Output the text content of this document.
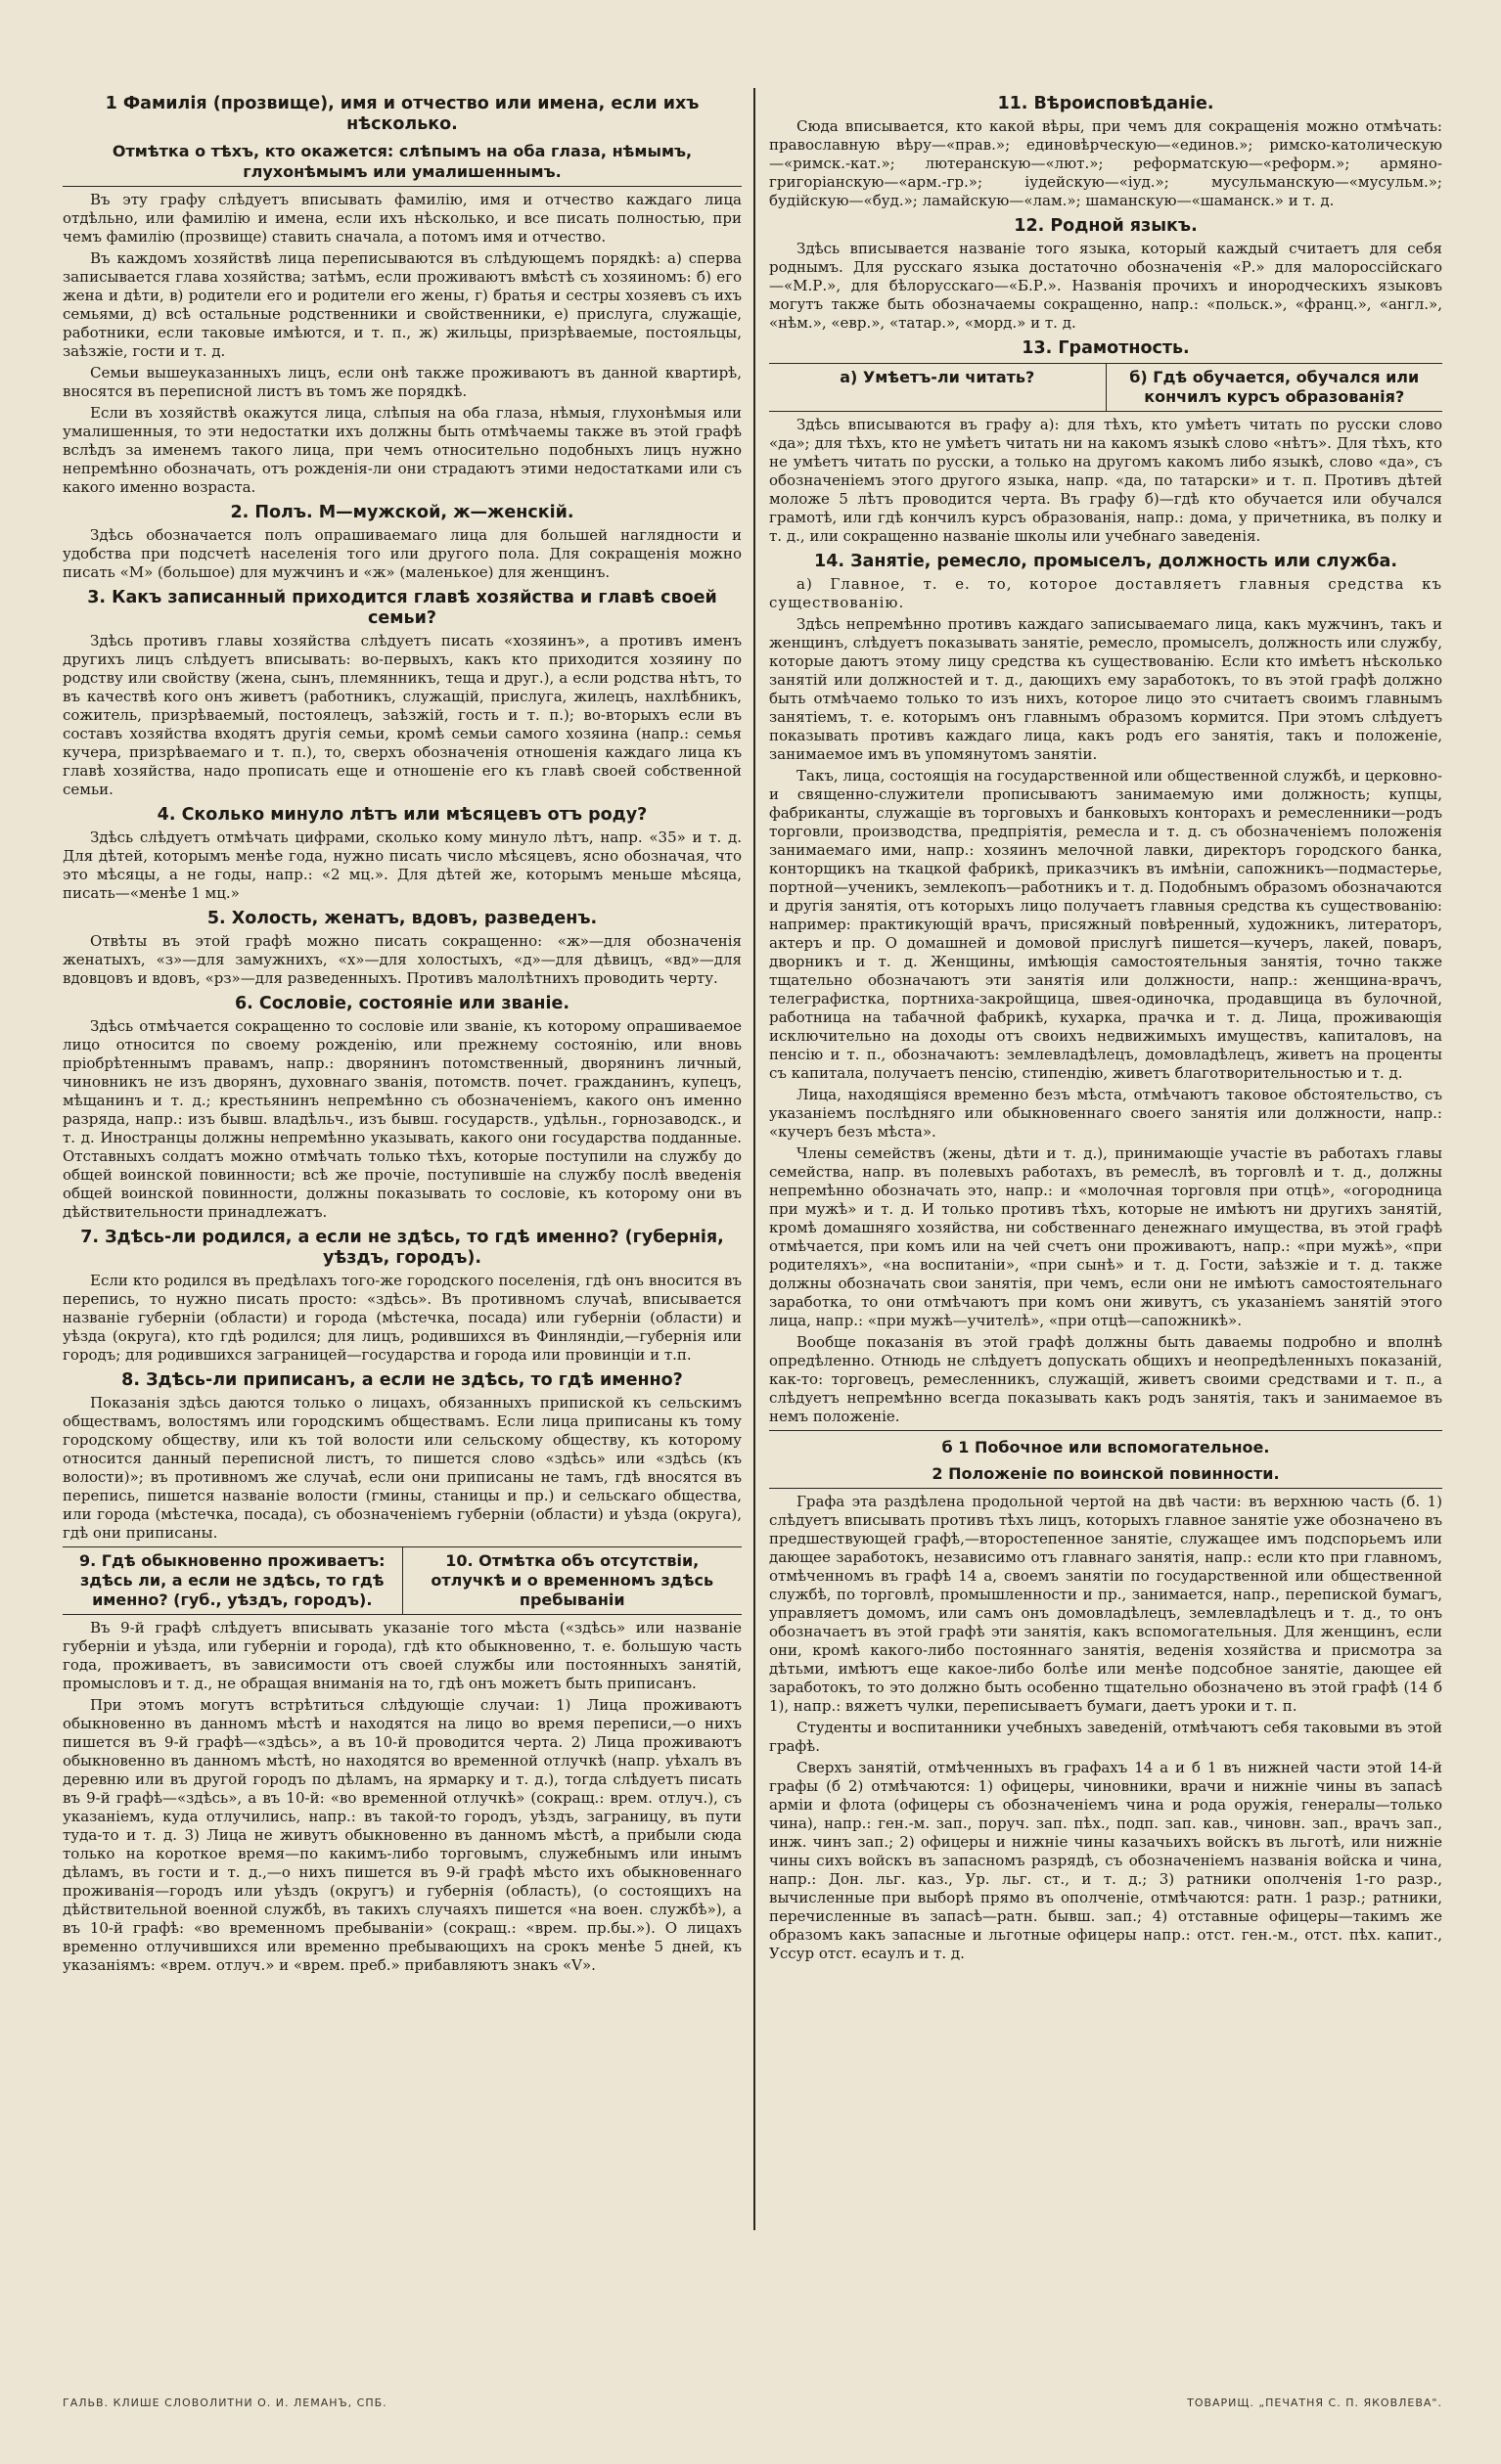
1 Фамилія (прозвище), имя и отчество или имена, если ихъ нѣсколько.
Отмѣтка о тѣхъ, кто окажется: слѣпымъ на оба глаза, нѣмымъ, глухонѣмымъ или умалишеннымъ.

Въ эту графу слѣдуетъ вписывать фамилію, имя и отчество каждаго лица отдѣльно, или фамилію и имена, если ихъ нѣсколько, и все писать полностью, при чемъ фамилію (прозвище) ставить сначала, а потомъ имя и отчество.

Въ каждомъ хозяйствѣ лица переписываются въ слѣдующемъ порядкѣ: а) сперва записывается глава хозяйства; затѣмъ, если проживаютъ вмѣстѣ съ хозяиномъ: б) его жена и дѣти, в) родители его и родители его жены, г) братья и сестры хозяевъ съ ихъ семьями, д) всѣ остальные родственники и свойственники, е) прислуга, служащіе, работники, если таковые имѣются, и т. п., ж) жильцы, призрѣваемые, постояльцы, заѣзжіе, гости и т. д.

Семьи вышеуказанныхъ лицъ, если онѣ также проживаютъ въ данной квартирѣ, вносятся въ переписной листъ въ томъ же порядкѣ.

Если въ хозяйствѣ окажутся лица, слѣпыя на оба глаза, нѣмыя, глухонѣмыя или умалишенныя, то эти недостатки ихъ должны быть отмѣчаемы также въ этой графѣ вслѣдъ за именемъ такого лица, при чемъ относительно подобныхъ лицъ нужно непремѣнно обозначать, отъ рожденія-ли они страдаютъ этими недостатками или съ какого именно возраста.

2. Полъ. М—мужской, ж—женскій.

Здѣсь обозначается полъ опрашиваемаго лица для большей наглядности и удобства при подсчетѣ населенія того или другого пола. Для сокращенія можно писать «М» (большое) для мужчинъ и «ж» (маленькое) для женщинъ.

3. Какъ записанный приходится главѣ хозяйства и главѣ своей семьи?

Здѣсь противъ главы хозяйства слѣдуетъ писать «хозяинъ», а противъ именъ другихъ лицъ слѣдуетъ вписывать: во-первыхъ, какъ кто приходится хозяину по родству или свойству (жена, сынъ, племянникъ, теща и друг.), а если родства нѣтъ, то въ качествѣ кого онъ живетъ (работникъ, служащій, прислуга, жилецъ, нахлѣбникъ, сожитель, призрѣваемый, постоялецъ, заѣзжій, гость и т. п.); во-вторыхъ если въ составъ хозяйства входятъ другія семьи, кромѣ семьи самого хозяина (напр.: семья кучера, призрѣваемаго и т. п.), то, сверхъ обозначенія отношенія каждаго лица къ главѣ хозяйства, надо прописать еще и отношеніе его къ главѣ своей собственной семьи.

4. Сколько минуло лѣтъ или мѣсяцевъ отъ роду?

Здѣсь слѣдуетъ отмѣчать цифрами, сколько кому минуло лѣтъ, напр. «35» и т. д. Для дѣтей, которымъ менѣе года, нужно писать число мѣсяцевъ, ясно обозначая, что это мѣсяцы, а не годы, напр.: «2 мц.». Для дѣтей же, которымъ меньше мѣсяца, писать—«менѣе 1 мц.»

5. Холость, женатъ, вдовъ, разведенъ.

Отвѣты въ этой графѣ можно писать сокращенно: «ж»—для обозначенія женатыхъ, «з»—для замужнихъ, «х»—для холостыхъ, «д»—для дѣвицъ, «вд»—для вдовцовъ и вдовъ, «рз»—для разведенныхъ. Противъ малолѣтнихъ проводить черту.

6. Сословіе, состояніе или званіе.

Здѣсь отмѣчается сокращенно то сословіе или званіе, къ которому опрашиваемое лицо относится по своему рожденію, или прежнему состоянію, или вновь пріобрѣтеннымъ правамъ, напр.: дворянинъ потомственный, дворянинъ личный, чиновникъ не изъ дворянъ, духовнаго званія, потомств. почет. гражданинъ, купецъ, мѣщанинъ и т. д.; крестьянинъ непремѣнно съ обозначеніемъ, какого онъ именно разряда, напр.: изъ бывш. владѣльч., изъ бывш. государств., удѣльн., горнозаводск., и т. д. Иностранцы должны непремѣнно указывать, какого они государства подданные. Отставныхъ солдатъ можно отмѣчать только тѣхъ, которые поступили на службу до общей воинской повинности; всѣ же прочіе, поступившіе на службу послѣ введенія общей воинской повинности, должны показывать то сословіе, къ которому они въ дѣйствительности принадлежатъ.

7. Здѣсь-ли родился, а если не здѣсь, то гдѣ именно? (губернія, уѣздъ, городъ).

Если кто родился въ предѣлахъ того-же городского поселенія, гдѣ онъ вносится въ перепись, то нужно писать просто: «здѣсь». Въ противномъ случаѣ, вписывается названіе губерніи (области) и города (мѣстечка, посада) или губерніи (области) и уѣзда (округа), кто гдѣ родился; для лицъ, родившихся въ Финляндіи,—губернія или городъ; для родившихся заграницей—государства и города или провинціи и т.п.

8. Здѣсь-ли приписанъ, а если не здѣсь, то гдѣ именно?

Показанія здѣсь даются только о лицахъ, обязанныхъ припиской къ сельскимъ обществамъ, волостямъ или городскимъ обществамъ. Если лица приписаны къ тому городскому обществу, или къ той волости или сельскому обществу, къ которому относится данный переписной листъ, то пишется слово «здѣсь» или «здѣсь (къ волости)»; въ противномъ же случаѣ, если они приписаны не тамъ, гдѣ вносятся въ перепись, пишется названіе волости (гмины, станицы и пр.) и сельскаго общества, или города (мѣстечка, посада), съ обозначеніемъ губерніи (области) и уѣзда (округа), гдѣ они приписаны.

9. Гдѣ обыкновенно проживаетъ: здѣсь ли, а если не здѣсь, то гдѣ именно? (губ., уѣздъ, городъ).
10. Отмѣтка объ отсутствіи, отлучкѣ и о временномъ здѣсь пребываніи

Въ 9-й графѣ слѣдуетъ вписывать указаніе того мѣста («здѣсь» или названіе губерніи и уѣзда, или губерніи и города), гдѣ кто обыкновенно, т. е. большую часть года, проживаетъ, въ зависимости отъ своей службы или постоянныхъ занятій, промысловъ и т. д., не обращая вниманія на то, гдѣ онъ можетъ быть приписанъ.

При этомъ могутъ встрѣтиться слѣдующіе случаи: 1) Лица проживаютъ обыкновенно въ данномъ мѣстѣ и находятся на лицо во время переписи,—о нихъ пишется въ 9-й графѣ—«здѣсь», а въ 10-й проводится черта. 2) Лица проживаютъ обыкновенно въ данномъ мѣстѣ, но находятся во временной отлучкѣ (напр. уѣхалъ въ деревню или въ другой городъ по дѣламъ, на ярмарку и т. д.), тогда слѣдуетъ писать въ 9-й графѣ—«здѣсь», а въ 10-й: «во временной отлучкѣ» (сокращ.: врем. отлуч.), съ указаніемъ, куда отлучились, напр.: въ такой-то городъ, уѣздъ, заграницу, въ пути туда-то и т. д. 3) Лица не живутъ обыкновенно въ данномъ мѣстѣ, а прибыли сюда только на короткое время—по какимъ-либо торговымъ, служебнымъ или инымъ дѣламъ, въ гости и т. д.,—о нихъ пишется въ 9-й графѣ мѣсто ихъ обыкновеннаго проживанія—городъ или уѣздъ (округъ) и губернія (область), (о состоящихъ на дѣйствительной военной службѣ, въ такихъ случаяхъ пишется «на воен. службѣ»), а въ 10-й графѣ: «во временномъ пребываніи» (сокращ.: «врем. пр.бы.»). О лицахъ временно отлучившихся или временно пребывающихъ на срокъ менѣе 5 дней, къ указаніямъ: «врем. отлуч.» и «врем. преб.» прибавляютъ знакъ «V».

11. Вѣроисповѣданіе.

Сюда вписывается, кто какой вѣры, при чемъ для сокращенія можно отмѣчать: православную вѣру—«прав.»; единовѣрческую—«единов.»; римско-католическую—«римск.-кат.»; лютеранскую—«лют.»; реформатскую—«реформ.»; армяно-григоріанскую—«арм.-гр.»; іудейскую—«іуд.»; мусульманскую—«мусульм.»; будійскую—«буд.»; ламайскую—«лам.»; шаманскую—«шаманск.» и т. д.

12. Родной языкъ.

Здѣсь вписывается названіе того языка, который каждый считаетъ для себя роднымъ. Для русскаго языка достаточно обозначенія «Р.» для малороссійскаго—«М.Р.», для бѣлорусскаго—«Б.Р.». Названія прочихъ и инородческихъ языковъ могутъ также быть обозначаемы сокращенно, напр.: «польск.», «франц.», «англ.», «нѣм.», «евр.», «татар.», «морд.» и т. д.

13. Грамотность.
а) Умѣетъ-ли читать?	б) Гдѣ обучается, обучался или кончилъ курсъ образованія?

Здѣсь вписываются въ графу а): для тѣхъ, кто умѣетъ читать по русски слово «да»; для тѣхъ, кто не умѣетъ читать ни на какомъ языкѣ слово «нѣтъ». Для тѣхъ, кто не умѣетъ читать по русски, а только на другомъ какомъ либо языкѣ, слово «да», съ обозначеніемъ этого другого языка, напр. «да, по татарски» и т. п. Противъ дѣтей моложе 5 лѣтъ проводится черта. Въ графу б)—гдѣ кто обучается или обучался грамотѣ, или гдѣ кончилъ курсъ образованія, напр.: дома, у причетника, въ полку и т. д., или сокращенно названіе школы или учебнаго заведенія.

14. Занятіе, ремесло, промыселъ, должность или служба.

а) Главное, т. е. то, которое доставляетъ главныя средства къ существованію.

Здѣсь непремѣнно противъ каждаго записываемаго лица, какъ мужчинъ, такъ и женщинъ, слѣдуетъ показывать занятіе, ремесло, промыселъ, должность или службу, которые даютъ этому лицу средства къ существованію. Если кто имѣетъ нѣсколько занятій или должностей и т. д., дающихъ ему заработокъ, то въ этой графѣ должно быть отмѣчаемо только то изъ нихъ, которое лицо это считаетъ своимъ главнымъ занятіемъ, т. е. которымъ онъ главнымъ образомъ кормится. При этомъ слѣдуетъ показывать противъ каждаго лица, какъ родъ его занятія, такъ и положеніе, занимаемое имъ въ упомянутомъ занятіи.

Такъ, лица, состоящія на государственной или общественной службѣ, и церковно-и священно-служители прописываютъ занимаемую ими должность; купцы, фабриканты, служащіе въ торговыхъ и банковыхъ конторахъ и ремесленники—родъ торговли, производства, предпріятія, ремесла и т. д. съ обозначеніемъ положенія занимаемаго ими, напр.: хозяинъ мелочной лавки, директоръ городского банка, конторщикъ на ткацкой фабрикѣ, приказчикъ въ имѣніи, сапожникъ—подмастерье, портной—ученикъ, землекопъ—работникъ и т. д. Подобнымъ образомъ обозначаются и другія занятія, отъ которыхъ лицо получаетъ главныя средства къ существованію: например: практикующій врачъ, присяжный повѣренный, художникъ, литераторъ, актеръ и пр. О домашней и домовой прислугѣ пишется—кучеръ, лакей, поваръ, дворникъ и т. д. Женщины, имѣющія самостоятельныя занятія, точно также тщательно обозначаютъ эти занятія или должности, напр.: женщина-врачъ, телеграфистка, портниха-закройщица, швея-одиночка, продавщица въ булочной, работница на табачной фабрикѣ, кухарка, прачка и т. д. Лица, проживающія исключительно на доходы отъ своихъ недвижимыхъ имуществъ, капиталовъ, на пенсію и т. п., обозначаютъ: землевладѣлецъ, домовладѣлецъ, живетъ на проценты съ капитала, получаетъ пенсію, стипендію, живетъ благотворительностью и т. д.

Лица, находящіяся временно безъ мѣста, отмѣчаютъ таковое обстоятельство, съ указаніемъ послѣдняго или обыкновеннаго своего занятія или должности, напр.: «кучеръ безъ мѣста».

Члены семействъ (жены, дѣти и т. д.), принимающіе участіе въ работахъ главы семейства, напр. въ полевыхъ работахъ, въ ремеслѣ, въ торговлѣ и т. д., должны непремѣнно обозначать это, напр.: и «молочная торговля при отцѣ», «огородница при мужѣ» и т. д. И только противъ тѣхъ, которые не имѣютъ ни другихъ занятій, кромѣ домашняго хозяйства, ни собственнаго денежнаго имущества, въ этой графѣ отмѣчается, при комъ или на чей счетъ они проживаютъ, напр.: «при мужѣ», «при родителяхъ», «на воспитаніи», «при сынѣ» и т. д. Гости, заѣзжіе и т. д. также должны обозначать свои занятія, при чемъ, если они не имѣютъ самостоятельнаго заработка, то они отмѣчаютъ при комъ они живутъ, съ указаніемъ занятій этого лица, напр.: «при мужѣ—учителѣ», «при отцѣ—сапожникѣ».

Вообще показанія въ этой графѣ должны быть даваемы подробно и вполнѣ опредѣленно. Отнюдь не слѣдуетъ допускать общихъ и неопредѣленныхъ показаній, как-то: торговецъ, ремесленникъ, служащій, живетъ своими средствами и т. п., а слѣдуетъ непремѣнно всегда показывать какъ родъ занятія, такъ и занимаемое въ немъ положеніе.

б 1 Побочное или вспомогательное.
2 Положеніе по воинской повинности.

Графа эта раздѣлена продольной чертой на двѣ части: въ верхнюю часть (б. 1) слѣдуетъ вписывать противъ тѣхъ лицъ, которыхъ главное занятіе уже обозначено въ предшествующей графѣ,—второстепенное занятіе, служащее имъ подспорьемъ или дающее заработокъ, независимо отъ главнаго занятія, напр.: если кто при главномъ, отмѣченномъ въ графѣ 14 а, своемъ занятіи по государственной или общественной службѣ, по торговлѣ, промышленности и пр., занимается, напр., перепиской бумагъ, управляетъ домомъ, или самъ онъ домовладѣлецъ, землевладѣлецъ и т. д., то онъ обозначаетъ въ этой графѣ эти занятія, какъ вспомогательныя. Для женщинъ, если они, кромѣ какого-либо постояннаго занятія, веденія хозяйства и присмотра за дѣтьми, имѣютъ еще какое-либо болѣе или менѣе подсобное занятіе, дающее ей заработокъ, то это должно быть особенно тщательно обозначено въ этой графѣ (14 б 1), напр.: вяжетъ чулки, переписываетъ бумаги, даетъ уроки и т. п.

Студенты и воспитанники учебныхъ заведеній, отмѣчаютъ себя таковыми въ этой графѣ.

Сверхъ занятій, отмѣченныхъ въ графахъ 14 а и б 1 въ нижней части этой 14-й графы (б 2) отмѣчаются: 1) офицеры, чиновники, врачи и нижніе чины въ запасѣ арміи и флота (офицеры съ обозначеніемъ чина и рода оружія, генералы—только чина), напр.: ген.-м. зап., поруч. зап. пѣх., подп. зап. кав., чиновн. зап., врачъ зап., инж. чинъ зап.; 2) офицеры и нижніе чины казачьихъ войскъ въ льготѣ, или нижніе чины сихъ войскъ въ запасномъ разрядѣ, съ обозначеніемъ названія войска и чина, напр.: Дон. льг. каз., Ур. льг. ст., и т. д.; 3) ратники ополченія 1-го разр., вычисленные при выборѣ прямо въ ополченіе, отмѣчаются: ратн. 1 разр.; ратники, перечисленные въ запасѣ—ратн. бывш. зап.; 4) отставные офицеры—такимъ же образомъ какъ запасные и льготные офицеры напр.: отст. ген.-м., отст. пѣх. капит., Уссур отст. есаулъ и т. д.

ГАЛЬВ. КЛИШЕ СЛОВОЛИТНИ О. И. ЛЕМАНЪ, СПБ.	ТОВАРИЩ. „ПЕЧАТНЯ С. П. ЯКОВЛЕВА".
